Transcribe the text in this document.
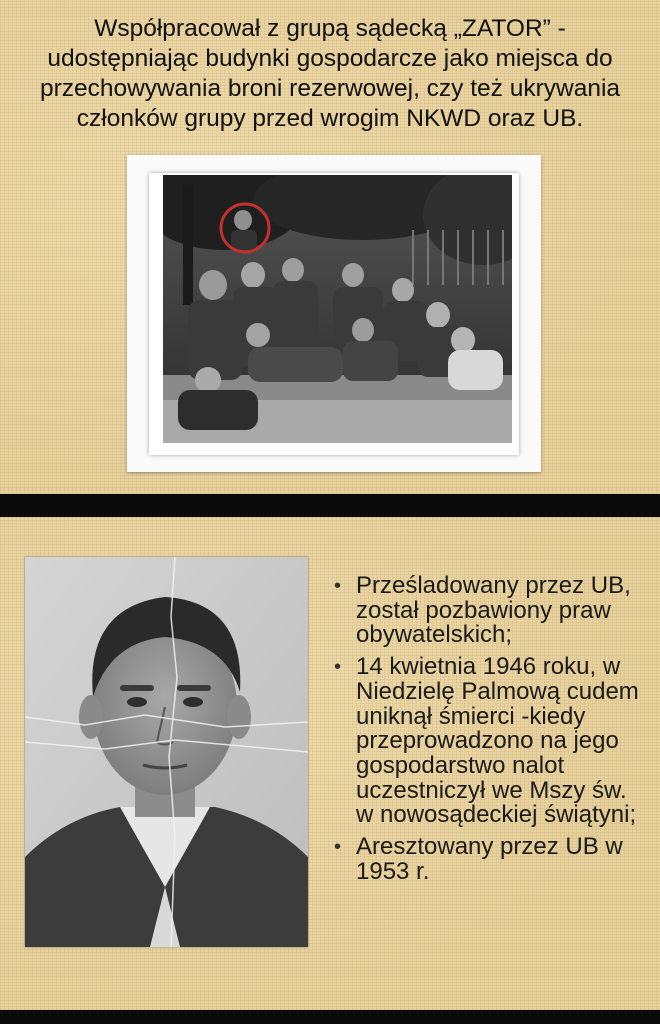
Współpracował z grupą sądecką „ZATOR” - udostępniając budynki gospodarcze jako miejsca do przechowywania broni rezerwowej, czy też ukrywania członków grupy przed wrogim NKWD oraz UB.
• Prześladowany przez UB, został pozbawiony praw obywatelskich;
• 14 kwietnia 1946 roku, w Niedzielę Palmową cudem uniknął śmierci -kiedy przeprowadzono na jego gospodarstwo nalot uczestniczył we Mszy św. w nowosądeckiej świątyni;
• Aresztowany przez UB w 1953 r.
